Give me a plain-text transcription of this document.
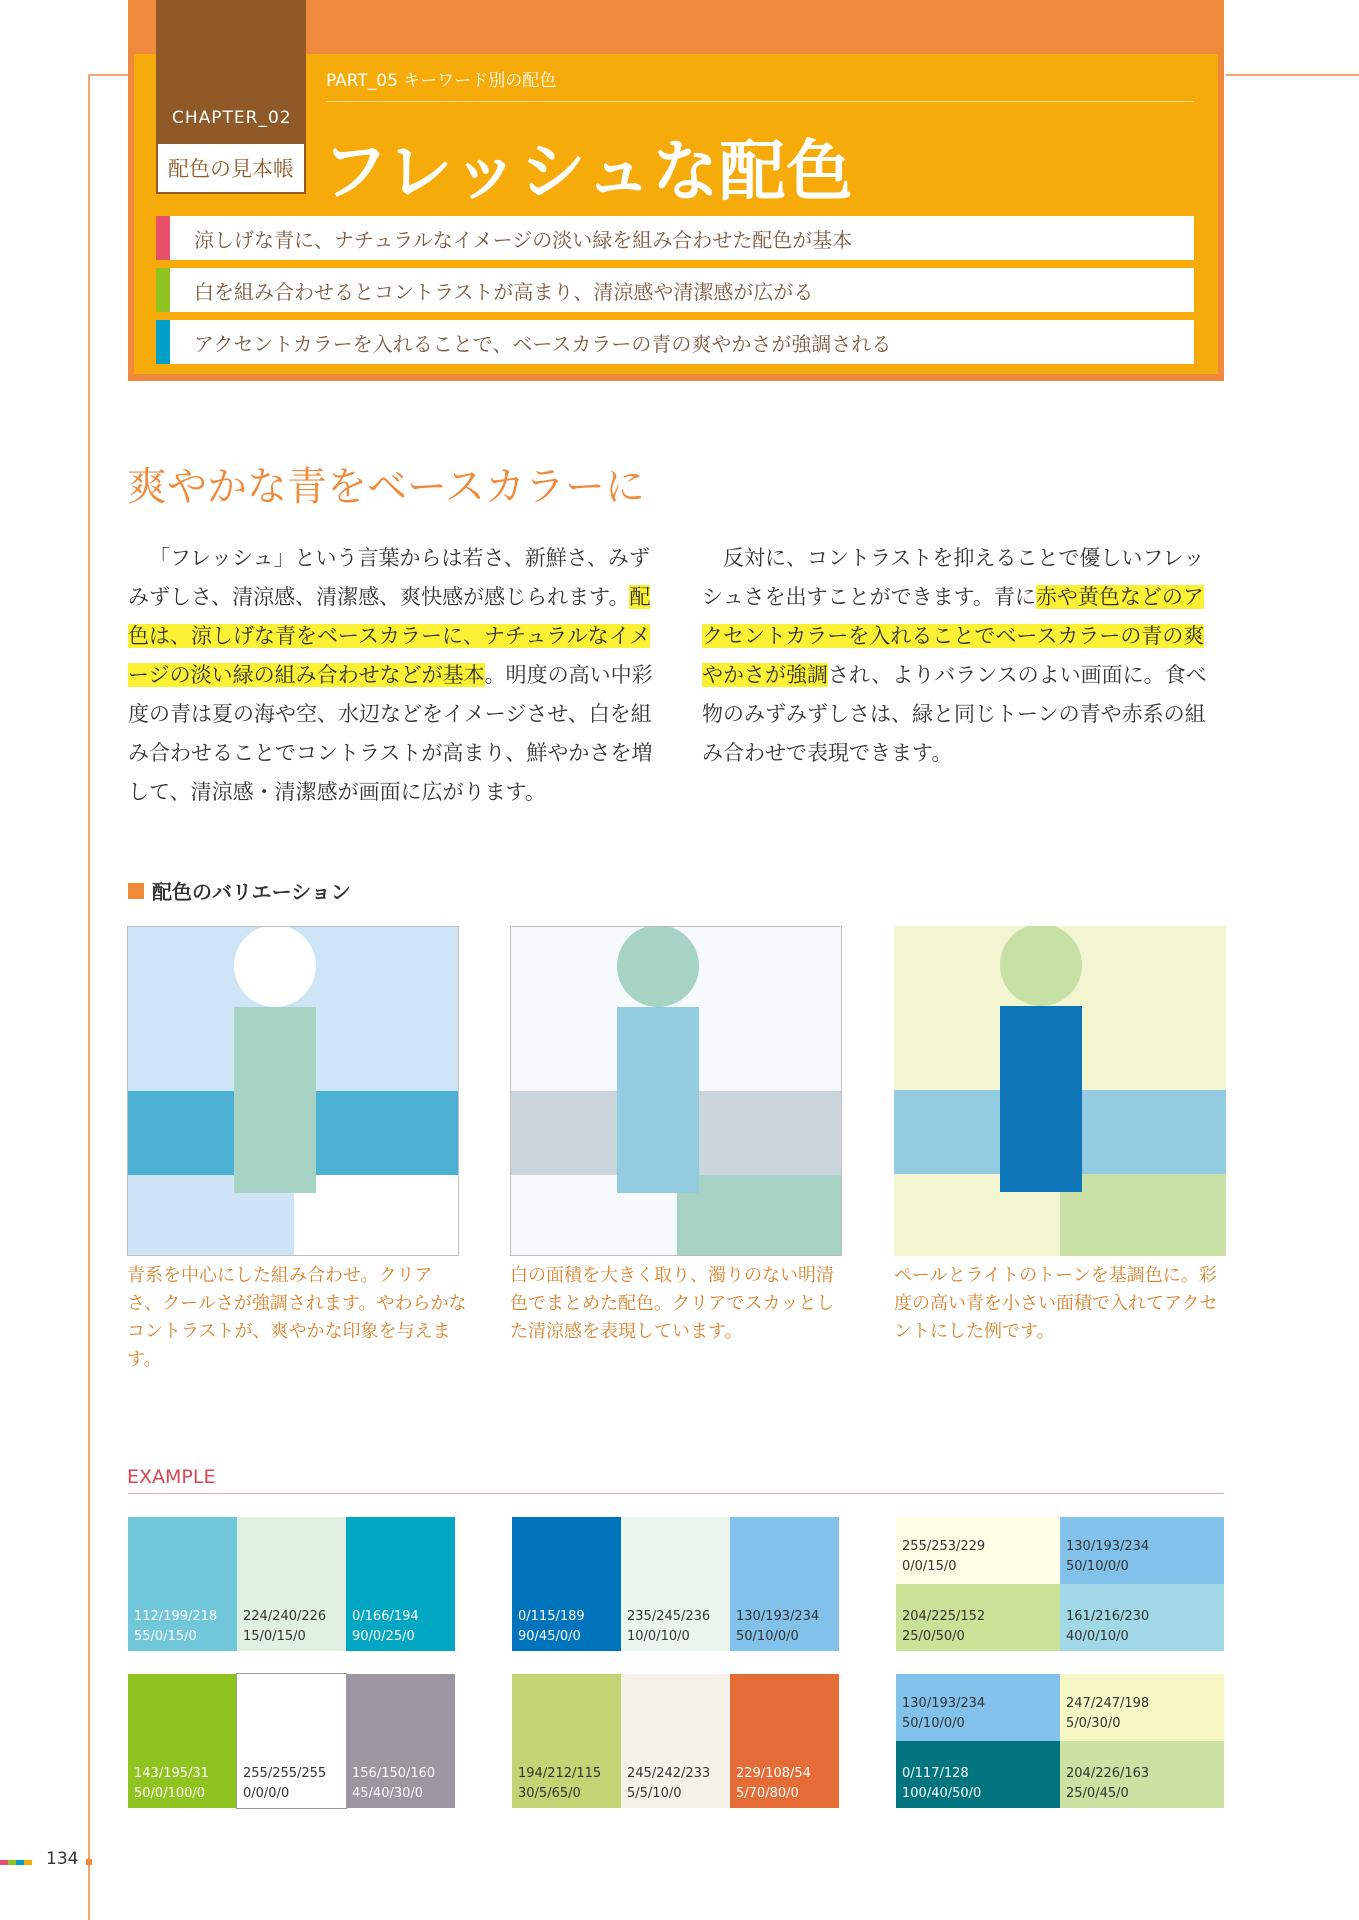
CHAPTER_02
配色の見本帳
PART_05 キーワード別の配色
フレッシュな配色
涼しげな青に、ナチュラルなイメージの淡い緑を組み合わせた配色が基本
白を組み合わせるとコントラストが高まり、清涼感や清潔感が広がる
アクセントカラーを入れることで、ベースカラーの青の爽やかさが強調される
爽やかな青をベースカラーに

「フレッシュ」という言葉からは若さ、新鮮さ、みずみずしさ、清涼感、清潔感、爽快感が感じられます。配色は、涼しげな青をベースカラーに、ナチュラルなイメージの淡い緑の組み合わせなどが基本。明度の高い中彩度の青は夏の海や空、水辺などをイメージさせ、白を組み合わせることでコントラストが高まり、鮮やかさを増して、清涼感・清潔感が画面に広がります。

反対に、コントラストを抑えることで優しいフレッシュさを出すことができます。青に赤や黄色などのアクセントカラーを入れることでベースカラーの青の爽やかさが強調され、よりバランスのよい画面に。食べ物のみずみずしさは、緑と同じトーンの青や赤系の組み合わせで表現できます。

配色のバリエーション
青系を中心にした組み合わせ。クリアさ、クールさが強調されます。やわらかなコントラストが、爽やかな印象を与えます。
白の面積を大きく取り、濁りのない明清色でまとめた配色。クリアでスカッとした清涼感を表現しています。
ペールとライトのトーンを基調色に。彩度の高い青を小さい面積で入れてアクセントにした例です。
EXAMPLE
112/199/218
55/0/15/0
224/240/226
15/0/15/0
0/166/194
90/0/25/0
0/115/189
90/45/0/0
235/245/236
10/0/10/0
130/193/234
50/10/0/0
255/253/229
0/0/15/0
130/193/234
50/10/0/0
204/225/152
25/0/50/0
161/216/230
40/0/10/0
143/195/31
50/0/100/0
255/255/255
0/0/0/0
156/150/160
45/40/30/0
194/212/115
30/5/65/0
245/242/233
5/5/10/0
229/108/54
5/70/80/0
130/193/234
50/10/0/0
247/247/198
5/0/30/0
0/117/128
100/40/50/0
204/226/163
25/0/45/0
134
